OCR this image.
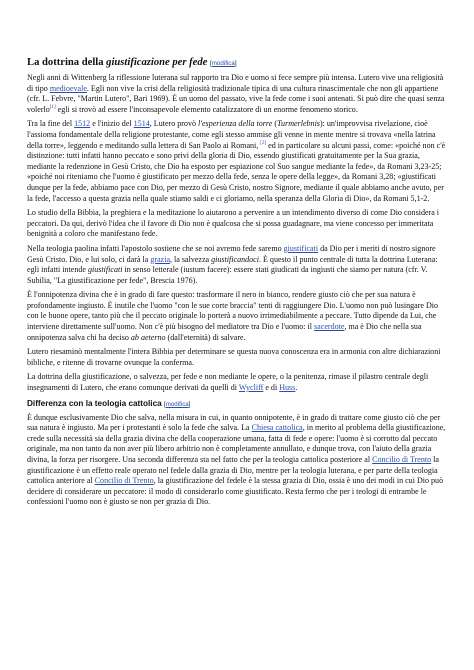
La dottrina della giustificazione per fede [modifica]

Negli anni di Wittenberg la riflessione luterana sul rapporto tra Dio e uomo si fece sempre più intensa. Lutero vive una religiosità di tipo medioevale. Egli non vive la crisi della religiosità tradizionale tipica di una cultura rinascimentale che non gli appartiene (cfr. L. Febvre, "Martin Lutero", Bari 1969). È un uomo del passato, vive la fede come i suoi antenati. Si può dire che quasi senza volerlo[1] egli si trovò ad essere l'inconsapevole elemento catalizzatore di un enorme fenomeno storico.

Tra la fine del 1512 e l'inizio del 1514, Lutero provò l'esperienza della torre (Turmerlebnis): un'improvvisa rivelazione, cioè l'assioma fondamentale della religione protestante, come egli stesso ammise gli venne in mente mentre si trovava «nella latrina della torre», leggendo e meditando sulla lettera di San Paolo ai Romani, [2] ed in particolare su alcuni passi, come: «poiché non c'è distinzione: tutti infatti hanno peccato e sono privi della gloria di Dio, essendo giustificati gratuitamente per la Sua grazia, mediante la redenzione in Gesù Cristo, che Dio ha esposto per espiazione col Suo sangue mediante la fede», da Romani 3,23-25; «poiché noi riteniamo che l'uomo è giustificato per mezzo della fede, senza le opere della legge», da Romani 3,28; «giustificati dunque per la fede, abbiamo pace con Dio, per mezzo di Gesù Cristo, nostro Signore, mediante il quale abbiamo anche avuto, per la fede, l'accesso a questa grazia nella quale stiamo saldi e ci gloriamo, nella speranza della Gloria di Dio», da Romani 5,1-2.

Lo studio della Bibbia, la preghiera e la meditazione lo aiutarono a pervenire a un intendimento diverso di come Dio considera i peccatori. Da qui, derivò l'idea che il favore di Dio non è qualcosa che si possa guadagnare, ma viene concesso per immeritata benignità a coloro che manifestano fede.

Nella teologia paolina infatti l'apostolo sostiene che se noi avremo fede saremo giustificati da Dio per i meriti di nostro signore Gesù Cristo. Dio, e lui solo, ci darà la grazia, la salvezza giustificandoci. È questo il punto centrale di tutta la dottrina Luterana: egli infatti intende giustificati in senso letterale (iustum facere): essere stati giudicati da ingiusti che siamo per natura (cfr. V. Subilia, "La giustificazione per fede", Brescia 1976).

È l'onnipotenza divina che è in grado di fare questo: trasformare il nero in bianco, rendere giusto ciò che per sua natura è profondamente ingiusto. È inutile che l'uomo "con le sue corte braccia" tenti di raggiungere Dio. L'uomo non può lusingare Dio con le buone opere, tanto più che il peccato originale lo porterà a nuovo irrimediabilmente a peccare. Tutto dipende da Lui, che interviene direttamente sull'uomo. Non c'è più bisogno del mediatore tra Dio e l'uomo: il sacerdote, ma è Dio che nella sua onnipotenza salva chi ha deciso ab aeterno (dall'eternità) di salvare.

Lutero riesaminò mentalmente l'intera Bibbia per determinare se questa nuova conoscenza era in armonia con altre dichiarazioni bibliche, e ritenne di trovarne ovunque la conferma.

La dottrina della giustificazione, o salvezza, per fede e non mediante le opere, o la penitenza, rimase il pilastro centrale degli insegnamenti di Lutero, che erano comunque derivati da quelli di Wycliff e di Huss.

Differenza con la teologia cattolica [modifica]

È dunque esclusivamente Dio che salva, nella misura in cui, in quanto onnipotente, è in grado di trattare come giusto ciò che per sua natura è ingiusto. Ma per i protestanti è solo la fede che salva. La Chiesa cattolica, in merito al problema della giustificazione, crede sulla necessità sia della grazia divina che della cooperazione umana, fatta di fede e opere: l'uomo è si corrotto dal peccato originale, ma non tanto da non aver più libero arbitrio non è completamente annullato, e dunque trova, con l'aiuto della grazia divina, la forza per risorgere. Una seconda differenza sta nel fatto che per la teologia cattolica posteriore al Concilio di Trento la giustificazione è un effetto reale operato nel fedele dalla grazia di Dio, mentre per la teologia luterana, e per parte della teologia cattolica anteriore al Concilio di Trento, la giustificazione del fedele è la stessa grazia di Dio, ossia è uno dei modi in cui Dio può decidere di considerare un peccatore: il modo di considerarlo come giustificato. Resta fermo che per i teologi di entrambe le confessioni l'uomo non è giusto se non per grazia di Dio.
